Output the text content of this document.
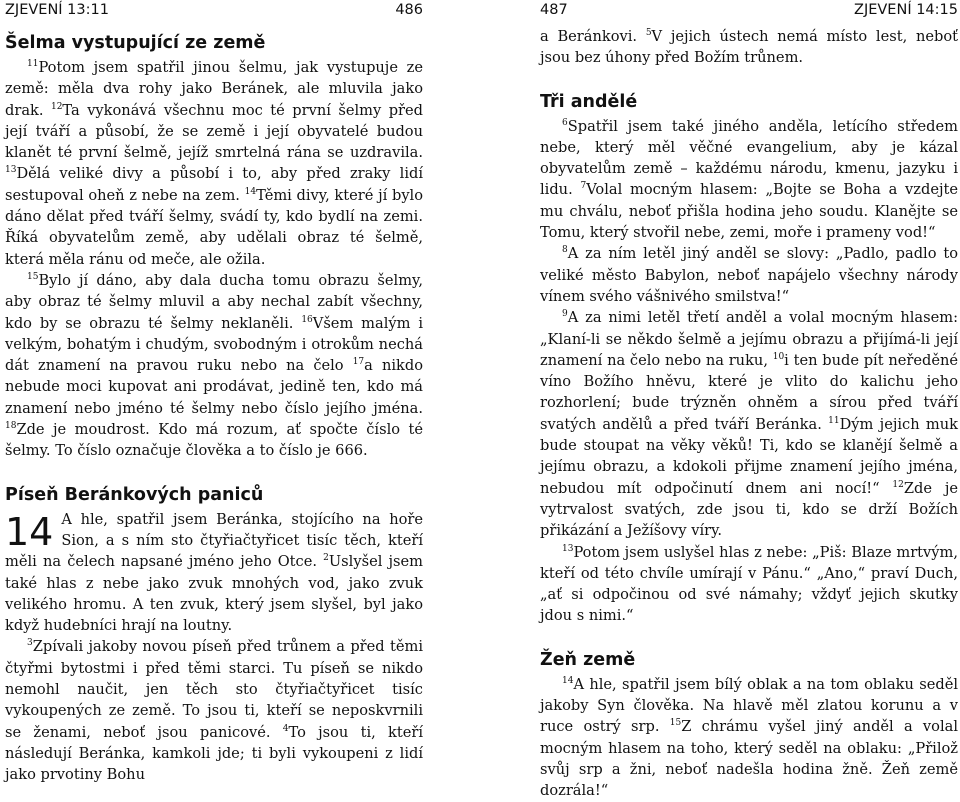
ZJEVENÍ 13:11	486
Šelma vystupující ze země

$^{11}$Potom jsem spatřil jinou šelmu, jak vystupuje ze země: měla dva rohy jako Beránek, ale mluvila jako drak. $^{12}$Ta vykonává všechnu moc té první šelmy před její tváří a působí, že se země i její obyvatelé budou klanět té první šelmě, jejíž smrtelná rána se uzdravila. $^{13}$Dělá veliké divy a působí i to, aby před zraky lidí sestupoval oheň z nebe na zem. $^{14}$Těmi divy, které jí bylo dáno dělat před tváří šelmy, svádí ty, kdo bydlí na zemi. Říká obyvatelům země, aby udělali obraz té šelmě, která měla ránu od meče, ale ožila.

$^{15}$Bylo jí dáno, aby dala ducha tomu obrazu šelmy, aby obraz té šelmy mluvil a aby nechal zabít všechny, kdo by se obrazu té šelmy neklaněli. $^{16}$Všem malým i velkým, bohatým i chudým, svobodným i otrokům nechá dát znamení na pravou ruku nebo na čelo $^{17}$a nikdo nebude moci kupovat ani prodávat, jedině ten, kdo má znamení nebo jméno té šelmy nebo číslo jejího jména. $^{18}$Zde je moudrost. Kdo má rozum, ať spočte číslo té šelmy. To číslo označuje člověka a to číslo je 666.

Píseň Beránkových paniců
14 A hle, spatřil jsem Beránka, stojícího na hoře Sion, a s ním sto čtyřiačtyřicet tisíc těch, kteří měli na čelech napsané jméno jeho Otce. $^2$Uslyšel jsem také hlas z nebe jako zvuk mnohých vod, jako zvuk velikého hromu. A ten zvuk, který jsem slyšel, byl jako když hudebníci hrají na loutny.

$^3$Zpívali jakoby novou píseň před trůnem a před těmi čtyřmi bytostmi i před těmi starci. Tu píseň se nikdo nemohl naučit, jen těch sto čtyřiačtyřicet tisíc vykoupených ze země. To jsou ti, kteří se neposkvrnili se ženami, neboť jsou panicové. $^4$To jsou ti, kteří následují Beránka, kamkoli jde; ti byli vykoupeni z lidí jako prvotiny Bohu

487	ZJEVENÍ 14:15

a Beránkovi. $^5$V jejich ústech nemá místo lest, neboť jsou bez úhony před Božím trůnem.

Tři andělé

$^6$Spatřil jsem také jiného anděla, letícího středem nebe, který měl věčné evangelium, aby je kázal obyvatelům země – každému národu, kmenu, jazyku i lidu. $^7$Volal mocným hlasem: „Bojte se Boha a vzdejte mu chválu, neboť přišla hodina jeho soudu. Klanějte se Tomu, který stvořil nebe, zemi, moře i prameny vod!“

$^8$A za ním letěl jiný anděl se slovy: „Padlo, padlo to veliké město Babylon, neboť napájelo všechny národy vínem svého vášnivého smilstva!“

$^9$A za nimi letěl třetí anděl a volal mocným hlasem: „Klaní-li se někdo šelmě a jejímu obrazu a přijímá-li její znamení na čelo nebo na ruku, $^{10}$i ten bude pít neředěné víno Božího hněvu, které je vlito do kalichu jeho rozhorlení; bude trýzněn ohněm a sírou před tváří svatých andělů a před tváří Beránka. $^{11}$Dým jejich muk bude stoupat na věky věků! Ti, kdo se klanějí šelmě a jejímu obrazu, a kdokoli přijme znamení jejího jména, nebudou mít odpočinutí dnem ani nocí!“ $^{12}$Zde je vytrvalost svatých, zde jsou ti, kdo se drží Božích přikázání a Ježíšovy víry.

$^{13}$Potom jsem uslyšel hlas z nebe: „Piš: Blaze mrtvým, kteří od této chvíle umírají v Pánu.“ „Ano,“ praví Duch, „ať si odpočinou od své námahy; vždyť jejich skutky jdou s nimi.“

Žeň země

$^{14}$A hle, spatřil jsem bílý oblak a na tom oblaku seděl jakoby Syn člověka. Na hlavě měl zlatou korunu a v ruce ostrý srp. $^{15}$Z chrámu vyšel jiný anděl a volal mocným hlasem na toho, který seděl na oblaku: „Přilož svůj srp a žni, neboť nadešla hodina žně. Žeň země dozrála!“
